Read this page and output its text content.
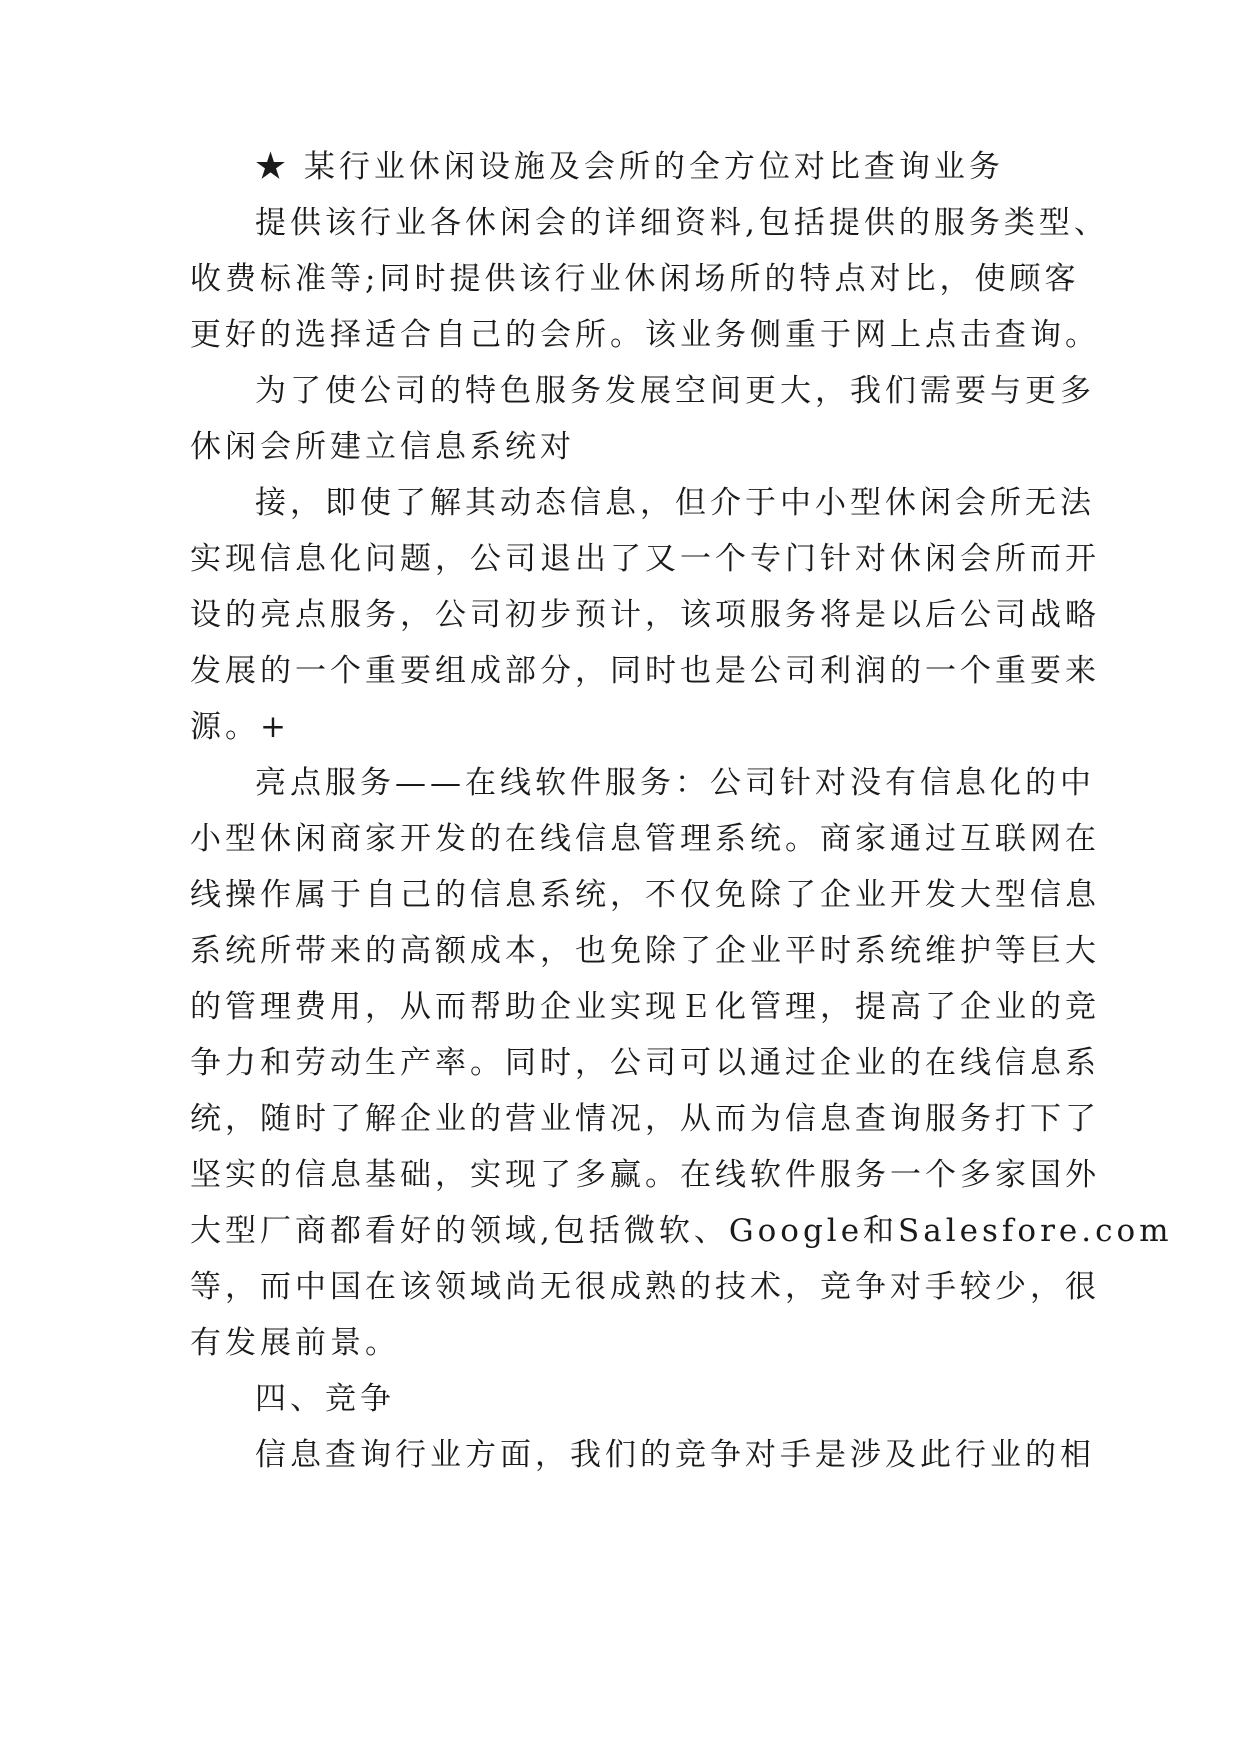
★ 某行业休闲设施及会所的全方位对比查询业务
提供该行业各休闲会的详细资料,包括提供的服务类型、
收费标准等;同时提供该行业休闲场所的特点对比，使顾客
更好的选择适合自己的会所。该业务侧重于网上点击查询。
为了使公司的特色服务发展空间更大，我们需要与更多
休闲会所建立信息系统对
接，即使了解其动态信息，但介于中小型休闲会所无法
实现信息化问题，公司退出了又一个专门针对休闲会所而开
设的亮点服务，公司初步预计，该项服务将是以后公司战略
发展的一个重要组成部分，同时也是公司利润的一个重要来
源。+
亮点服务——在线软件服务：公司针对没有信息化的中
小型休闲商家开发的在线信息管理系统。商家通过互联网在
线操作属于自己的信息系统，不仅免除了企业开发大型信息
系统所带来的高额成本，也免除了企业平时系统维护等巨大
的管理费用，从而帮助企业实现Ｅ化管理，提高了企业的竞
争力和劳动生产率。同时，公司可以通过企业的在线信息系
统，随时了解企业的营业情况，从而为信息查询服务打下了
坚实的信息基础，实现了多赢。在线软件服务一个多家国外
大型厂商都看好的领域,包括微软、Google和Salesfore.com
等，而中国在该领域尚无很成熟的技术，竞争对手较少，很
有发展前景。
四、竞争
信息查询行业方面，我们的竞争对手是涉及此行业的相
